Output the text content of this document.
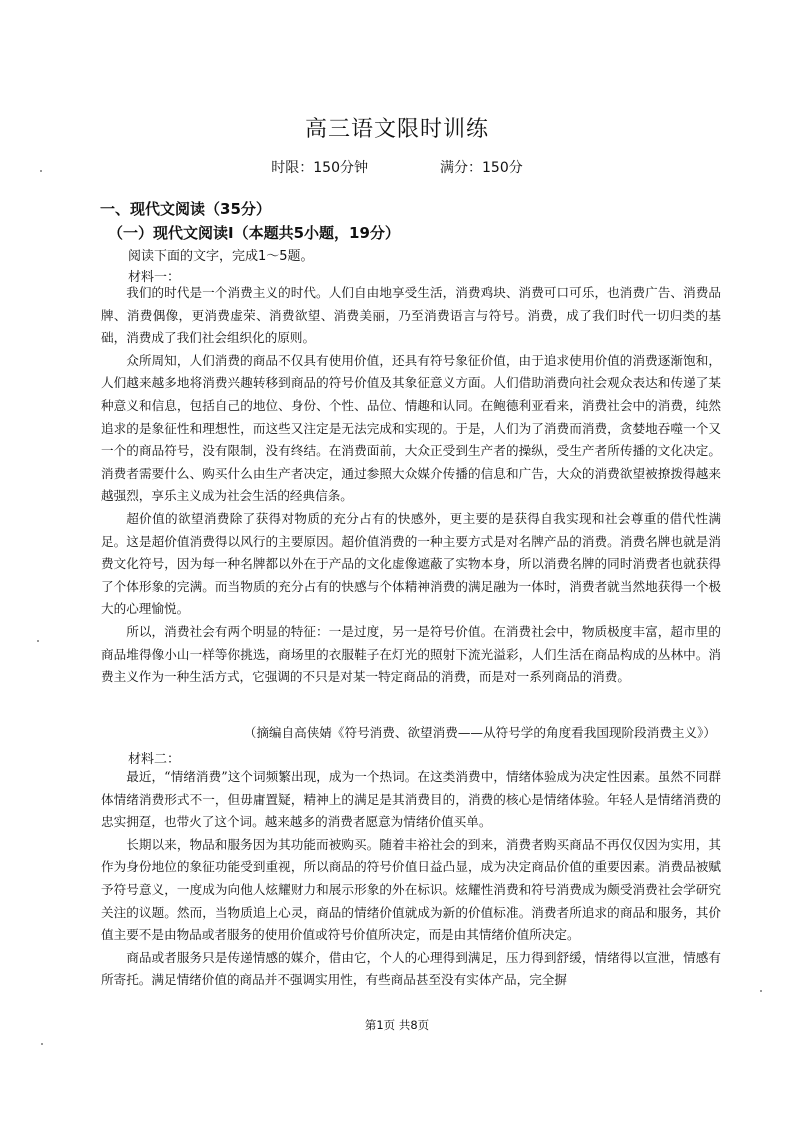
高三语文限时训练
时限：150分钟	满分：150分
一、现代文阅读（35分）
（一）现代文阅读Ⅰ（本题共5小题，19分）
阅读下面的文字，完成1～5题。
材料一：

我们的时代是一个消费主义的时代。人们自由地享受生活，消费鸡块、消费可口可乐，也消费广告、消费品牌、消费偶像，更消费虚荣、消费欲望、消费美丽，乃至消费语言与符号。消费，成了我们时代一切归类的基础，消费成了我们社会组织化的原则。

众所周知，人们消费的商品不仅具有使用价值，还具有符号象征价值，由于追求使用价值的消费逐渐饱和，人们越来越多地将消费兴趣转移到商品的符号价值及其象征意义方面。人们借助消费向社会观众表达和传递了某种意义和信息，包括自己的地位、身份、个性、品位、情趣和认同。在鲍德利亚看来，消费社会中的消费，纯然追求的是象征性和理想性，而这些又注定是无法完成和实现的。于是，人们为了消费而消费，贪婪地吞噬一个又一个的商品符号，没有限制，没有终结。在消费面前，大众正受到生产者的操纵，受生产者所传播的文化决定。消费者需要什么、购买什么由生产者决定，通过参照大众媒介传播的信息和广告，大众的消费欲望被撩拨得越来越强烈，享乐主义成为社会生活的经典信条。

超价值的欲望消费除了获得对物质的充分占有的快感外，更主要的是获得自我实现和社会尊重的借代性满足。这是超价值消费得以风行的主要原因。超价值消费的一种主要方式是对名牌产品的消费。消费名牌也就是消费文化符号，因为每一种名牌都以外在于产品的文化虚像遮蔽了实物本身，所以消费名牌的同时消费者也就获得了个体形象的完满。而当物质的充分占有的快感与个体精神消费的满足融为一体时，消费者就当然地获得一个极大的心理愉悦。

所以，消费社会有两个明显的特征：一是过度，另一是符号价值。在消费社会中，物质极度丰富，超市里的商品堆得像小山一样等你挑选，商场里的衣服鞋子在灯光的照射下流光溢彩，人们生活在商品构成的丛林中。消费主义作为一种生活方式，它强调的不只是对某一特定商品的消费，而是对一系列商品的消费。

（摘编自高侠婧《符号消费、欲望消费——从符号学的角度看我国现阶段消费主义》）
材料二：

最近，“情绪消费”这个词频繁出现，成为一个热词。在这类消费中，情绪体验成为决定性因素。虽然不同群体情绪消费形式不一，但毋庸置疑，精神上的满足是其消费目的，消费的核心是情绪体验。年轻人是情绪消费的忠实拥趸，也带火了这个词。越来越多的消费者愿意为情绪价值买单。

长期以来，物品和服务因为其功能而被购买。随着丰裕社会的到来，消费者购买商品不再仅仅因为实用，其作为身份地位的象征功能受到重视，所以商品的符号价值日益凸显，成为决定商品价值的重要因素。消费品被赋予符号意义，一度成为向他人炫耀财力和展示形象的外在标识。炫耀性消费和符号消费成为颇受消费社会学研究关注的议题。然而，当物质追上心灵，商品的情绪价值就成为新的价值标准。消费者所追求的商品和服务，其价值主要不是由物品或者服务的使用价值或符号价值所决定，而是由其情绪价值所决定。

商品或者服务只是传递情感的媒介，借由它，个人的心理得到满足，压力得到舒缓，情绪得以宣泄，情感有所寄托。满足情绪价值的商品并不强调实用性，有些商品甚至没有实体产品，完全摒

第1页 共8页
